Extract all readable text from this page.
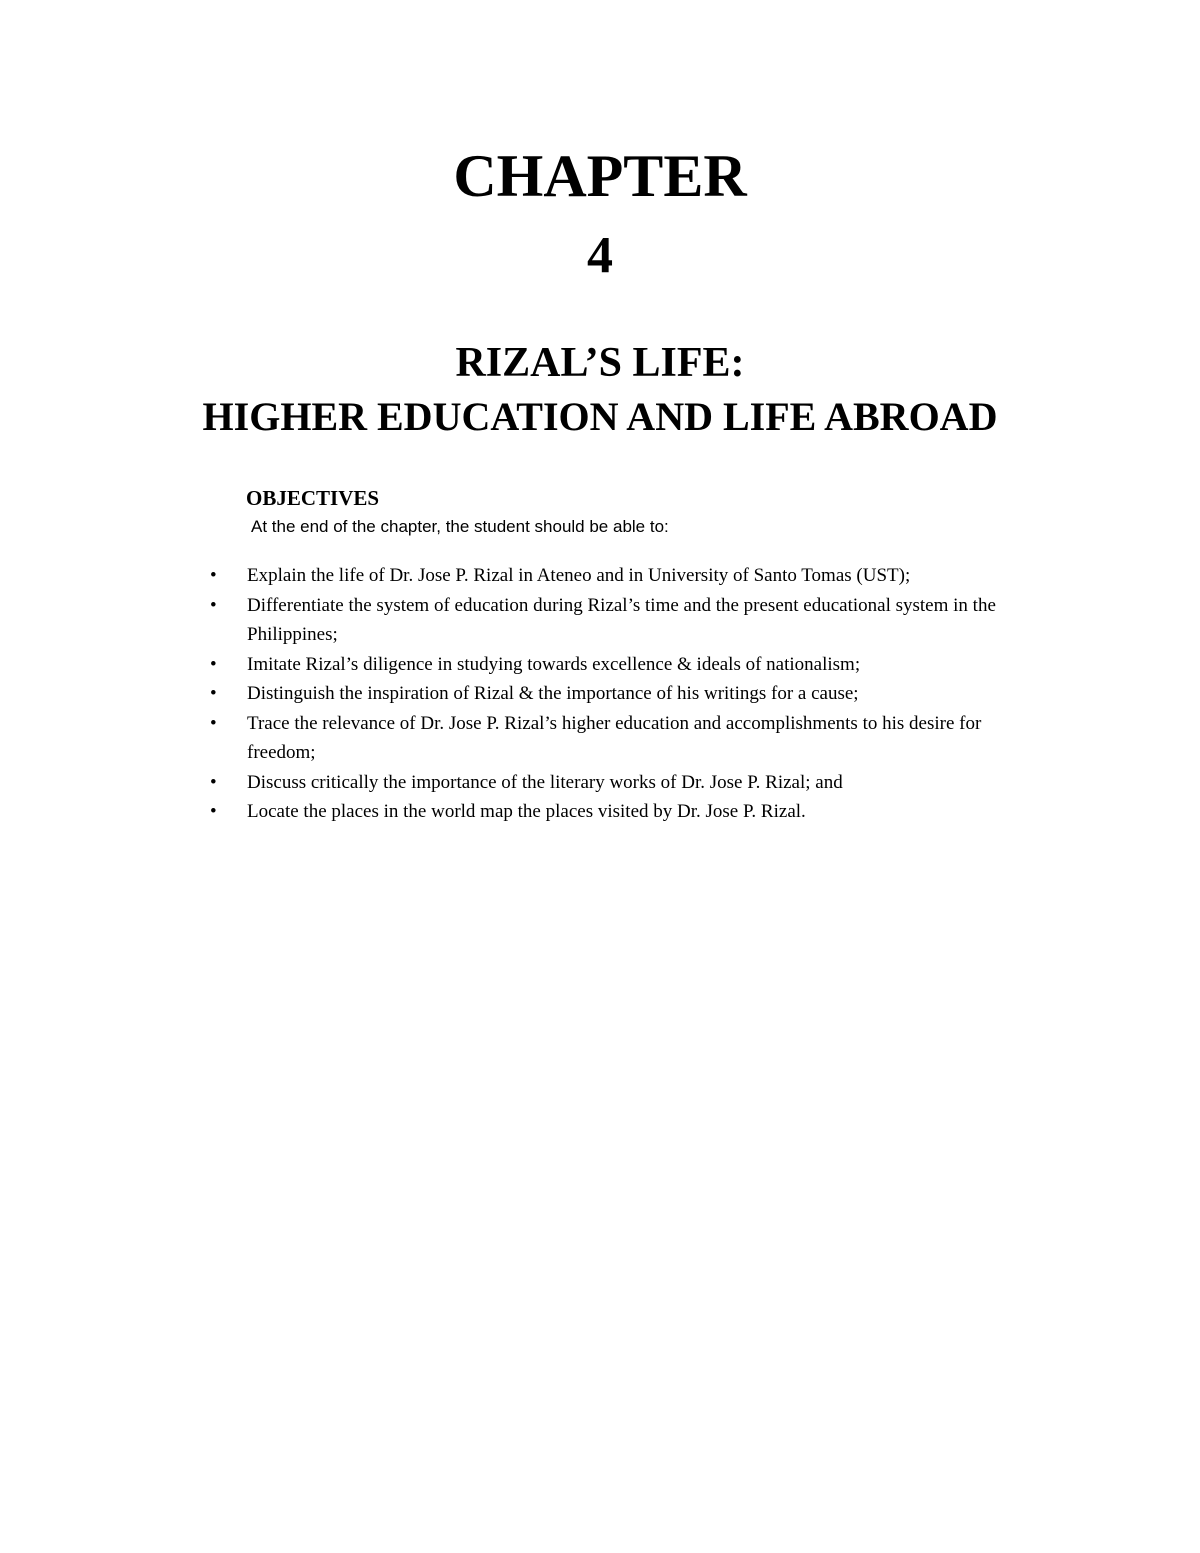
CHAPTER
4
RIZAL’S LIFE:
HIGHER EDUCATION AND LIFE ABROAD
OBJECTIVES
At the end of the chapter, the student should be able to:
•	Explain the life of Dr. Jose P. Rizal in Ateneo and in University of Santo Tomas (UST);
•	Differentiate the system of education during Rizal’s time and the present educational system in the Philippines;
•	Imitate Rizal’s diligence in studying towards excellence & ideals of nationalism;
•	Distinguish the inspiration of Rizal & the importance of his writings for a cause;
•	Trace the relevance of Dr. Jose P. Rizal’s higher education and accomplishments to his desire for freedom;
•	Discuss critically the importance of the literary works of Dr. Jose P. Rizal; and
•	Locate the places in the world map the places visited by Dr. Jose P. Rizal.
